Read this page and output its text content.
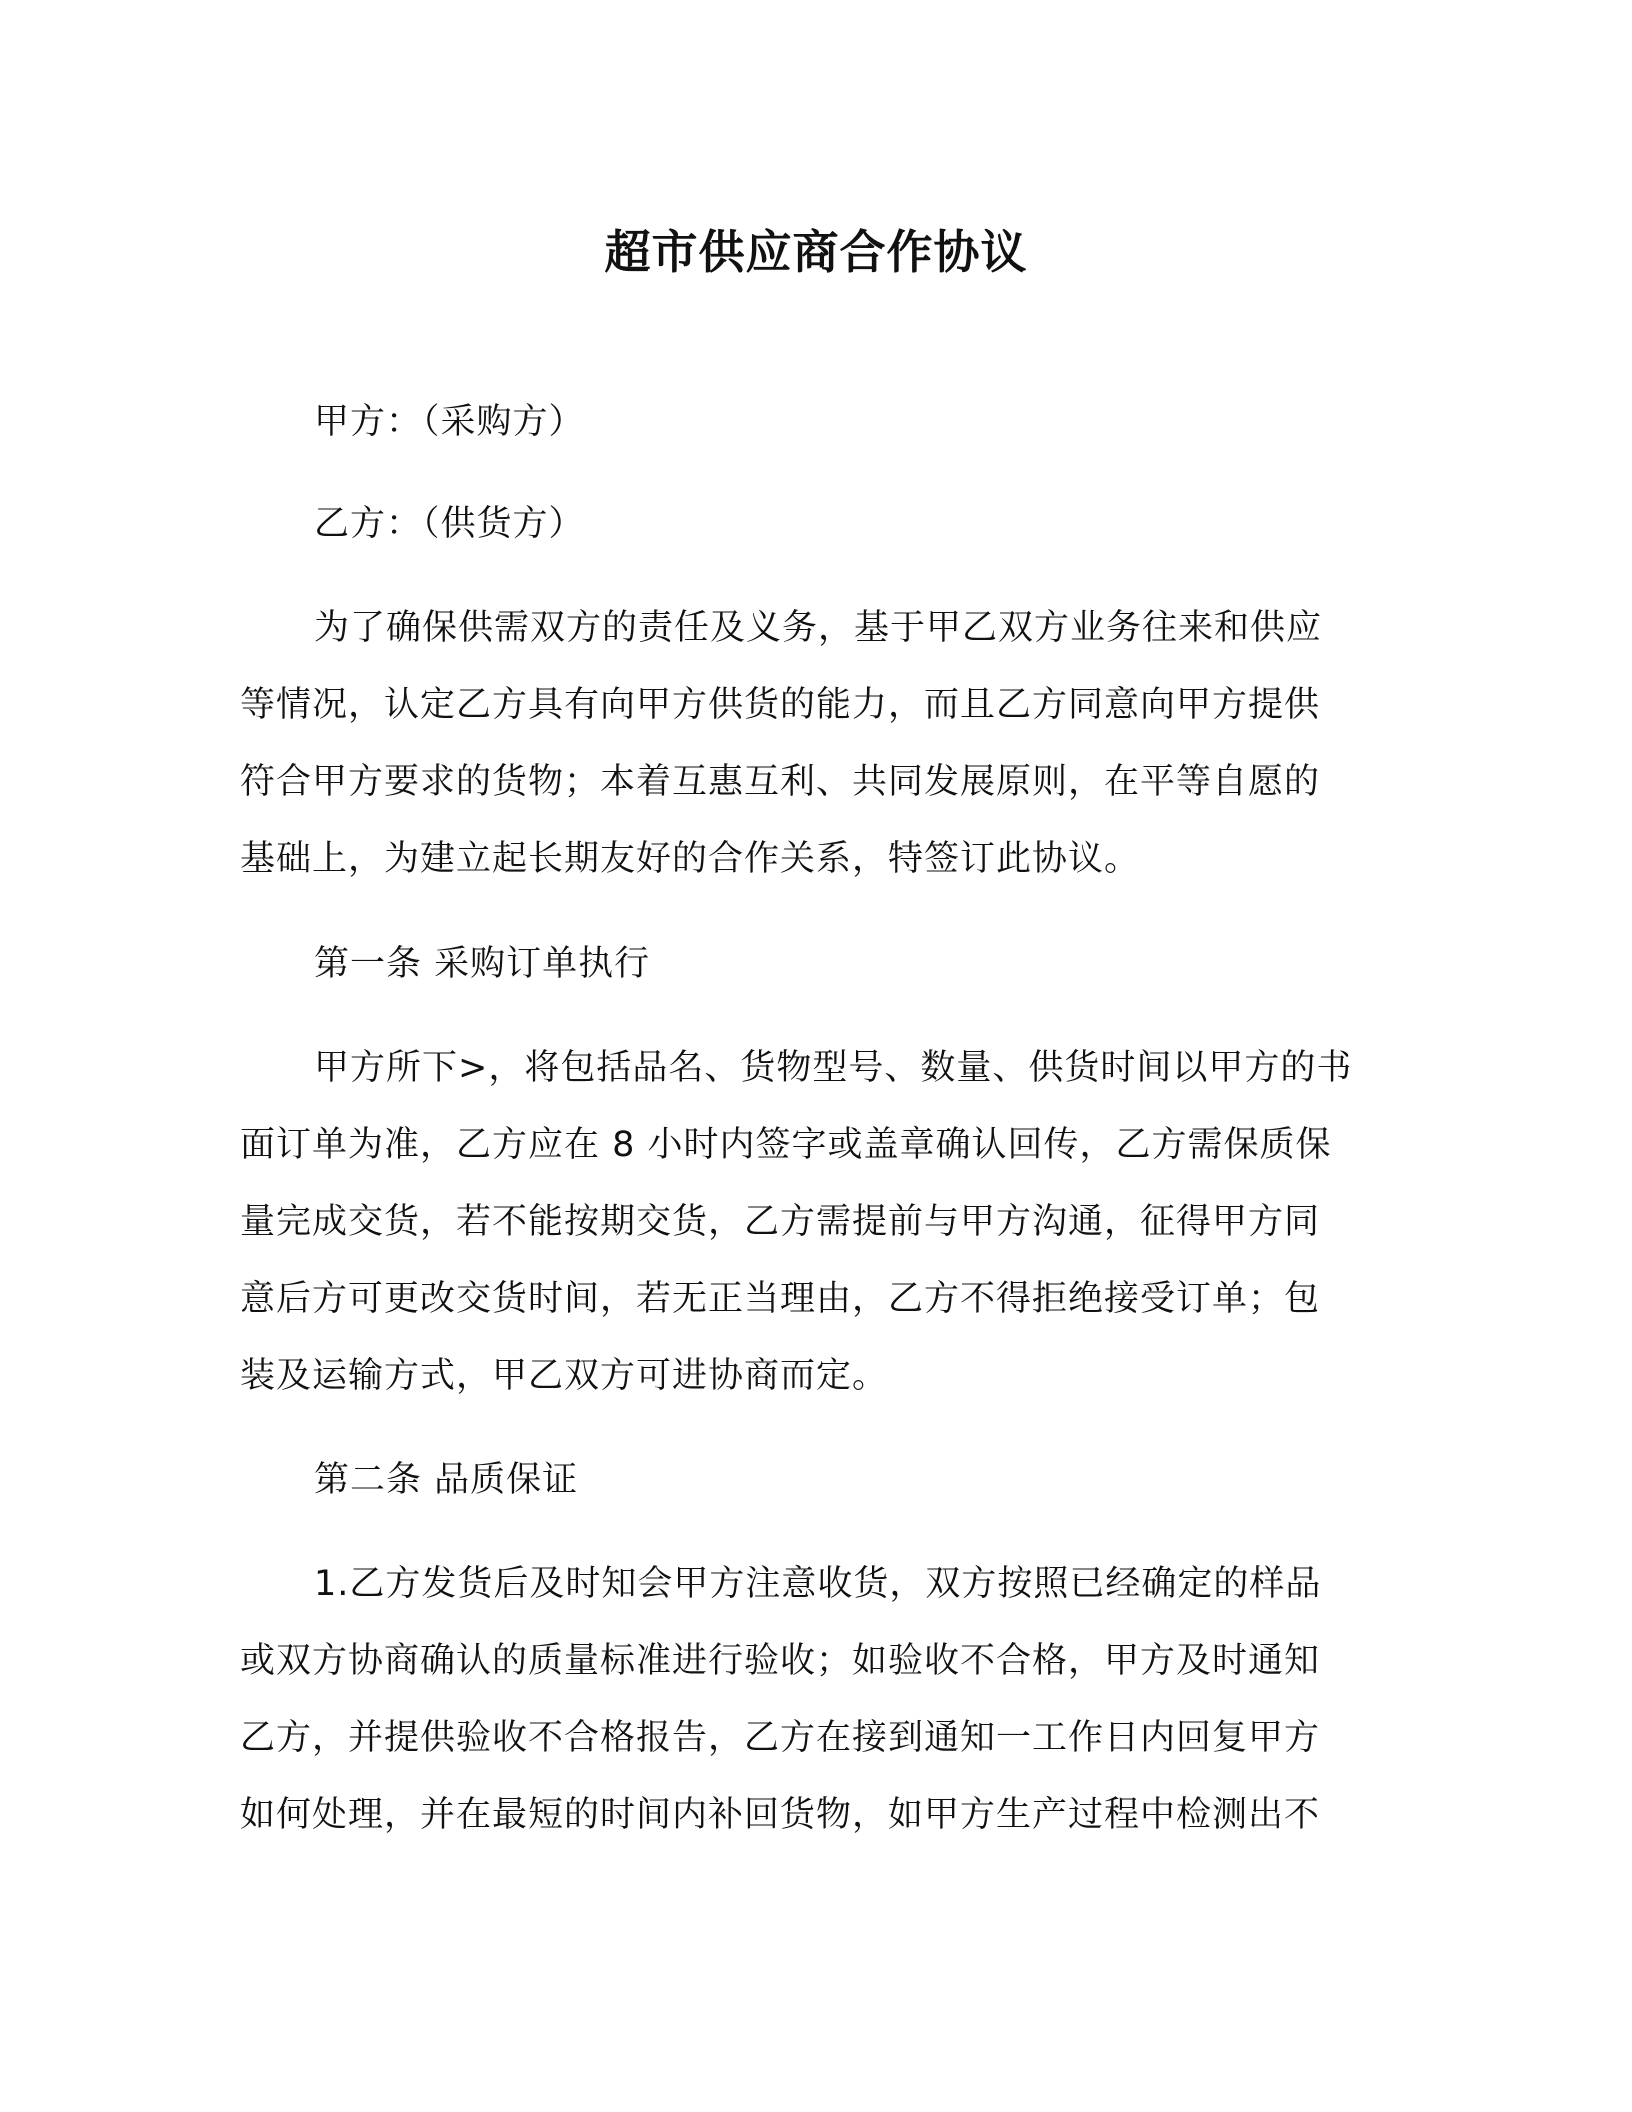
超市供应商合作协议
甲方：（采购方）
乙方：（供货方）
为了确保供需双方的责任及义务，基于甲乙双方业务往来和供应
等情况，认定乙方具有向甲方供货的能力，而且乙方同意向甲方提供
符合甲方要求的货物；本着互惠互利、共同发展原则，在平等自愿的
基础上，为建立起长期友好的合作关系，特签订此协议。
第一条 采购订单执行
甲方所下>，将包括品名、货物型号、数量、供货时间以甲方的书
面订单为准，乙方应在 8 小时内签字或盖章确认回传，乙方需保质保
量完成交货，若不能按期交货，乙方需提前与甲方沟通，征得甲方同
意后方可更改交货时间，若无正当理由，乙方不得拒绝接受订单；包
装及运输方式，甲乙双方可进协商而定。
第二条 品质保证
1.乙方发货后及时知会甲方注意收货，双方按照已经确定的样品
或双方协商确认的质量标准进行验收；如验收不合格，甲方及时通知
乙方，并提供验收不合格报告，乙方在接到通知一工作日内回复甲方
如何处理，并在最短的时间内补回货物，如甲方生产过程中检测出不
